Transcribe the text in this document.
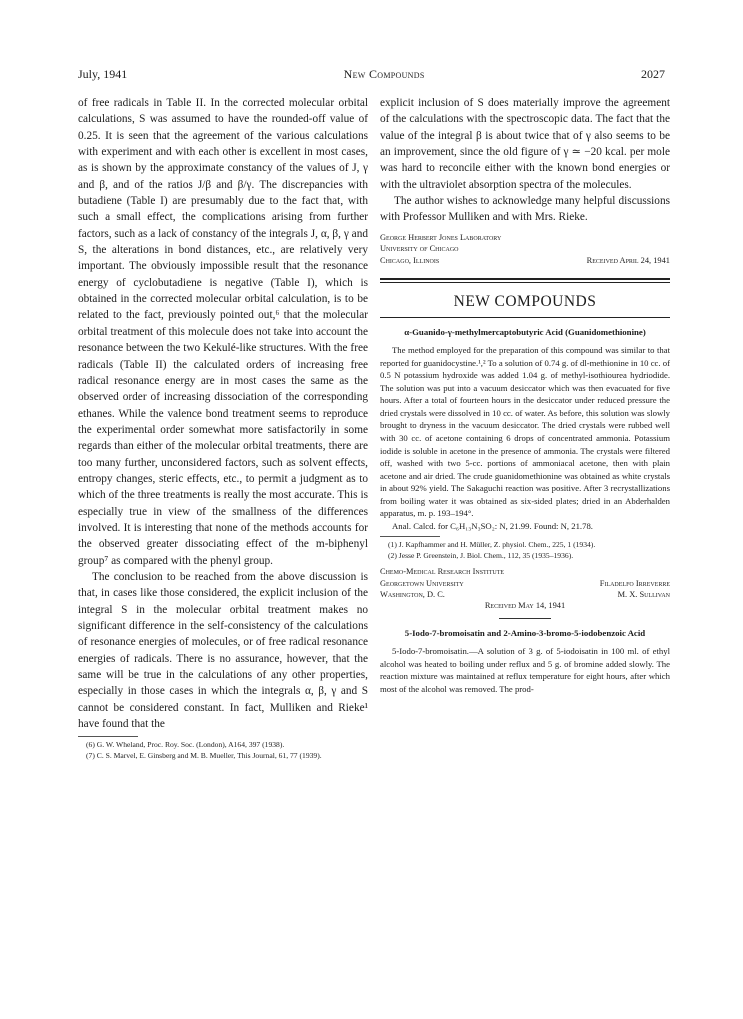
July, 1941	New Compounds	2027

of free radicals in Table II. In the corrected molecular orbital calculations, S was assumed to have the rounded-off value of 0.25. It is seen that the agreement of the various calculations with experiment and with each other is excellent in most cases, as is shown by the approximate constancy of the values of J, γ and β, and of the ratios J/β and β/γ. The discrepancies with butadiene (Table I) are presumably due to the fact that, with such a small effect, the complications arising from further factors, such as a lack of constancy of the integrals J, α, β, γ and S, the alterations in bond distances, etc., are relatively very important. The obviously impossible result that the resonance energy of cyclobutadiene is negative (Table I), which is obtained in the corrected molecular orbital calculation, is to be related to the fact, previously pointed out,⁶ that the molecular orbital treatment of this molecule does not take into account the resonance between the two Kekulé-like structures. With the free radicals (Table II) the calculated orders of increasing free radical resonance energy are in most cases the same as the observed order of increasing dissociation of the corresponding ethanes. While the valence bond treatment seems to reproduce the experimental order somewhat more satisfactorily in some regards than either of the molecular orbital treatments, there are too many further, unconsidered factors, such as solvent effects, entropy changes, steric effects, etc., to permit a judgment as to which of the three treatments is really the most accurate. This is especially true in view of the smallness of the differences involved. It is interesting that none of the methods accounts for the observed greater dissociating effect of the m-biphenyl group⁷ as compared with the phenyl group.

The conclusion to be reached from the above discussion is that, in cases like those considered, the explicit inclusion of the integral S in the molecular orbital treatment makes no significant difference in the self-consistency of the calculations of resonance energies of molecules, or of free radical resonance energies of radicals. There is no assurance, however, that the same will be true in the calculations of any other properties, especially in those cases in which the integrals α, β, γ and S cannot be considered constant. In fact, Mulliken and Rieke¹ have found that the

(6) G. W. Wheland, Proc. Roy. Soc. (London), A164, 397 (1938).

(7) C. S. Marvel, E. Ginsberg and M. B. Mueller, This Journal, 61, 77 (1939).

explicit inclusion of S does materially improve the agreement of the calculations with the spectroscopic data. The fact that the value of the integral β is about twice that of γ also seems to be an improvement, since the old figure of γ ≃ −20 kcal. per mole was hard to reconcile either with the known bond energies or with the ultraviolet absorption spectra of the molecules.

The author wishes to acknowledge many helpful discussions with Professor Mulliken and with Mrs. Rieke.

George Herbert Jones Laboratory

University of Chicago

Chicago, Illinois	Received April 24, 1941
NEW COMPOUNDS
α-Guanido-γ-methylmercaptobutyric Acid (Guanidomethionine)

The method employed for the preparation of this compound was similar to that reported for guanidocystine.¹,² To a solution of 0.74 g. of dl-methionine in 10 cc. of 0.5 N potassium hydroxide was added 1.04 g. of methyl-isothiourea hydriodide. The solution was put into a vacuum desiccator which was then evacuated for five hours. After a total of fourteen hours in the desiccator under reduced pressure the dried crystals were dissolved in 10 cc. of water. As before, this solution was slowly brought to dryness in the vacuum desiccator. The dried crystals were rubbed well with 30 cc. of acetone containing 6 drops of concentrated ammonia. Potassium iodide is soluble in acetone in the presence of ammonia. The crystals were filtered off, washed with two 5-cc. portions of ammoniacal acetone, then with plain acetone and air dried. The crude guanidomethionine was obtained as white crystals in about 92% yield. The Sakaguchi reaction was positive. After 3 recrystallizations from boiling water it was obtained as six-sided plates; dried in an Abderhalden apparatus, m. p. 193–194°.

Anal. Calcd. for C₆H₁₃N₃SO₂: N, 21.99. Found: N, 21.78.

(1) J. Kapfhammer and H. Müller, Z. physiol. Chem., 225, 1 (1934).

(2) Jesse P. Greenstein, J. Biol. Chem., 112, 35 (1935–1936).

Chemo-Medical Research Institute

Georgetown University	Filadelfo Irreverre
Washington, D. C.	M. X. Sullivan

Received May 14, 1941

5-Iodo-7-bromoisatin and 2-Amino-3-bromo-5-iodobenzoic Acid

5-Iodo-7-bromoisatin.—A solution of 3 g. of 5-iodoisatin in 100 ml. of ethyl alcohol was heated to boiling under reflux and 5 g. of bromine added slowly. The reaction mixture was maintained at reflux temperature for eight hours, after which most of the alcohol was removed. The prod-
